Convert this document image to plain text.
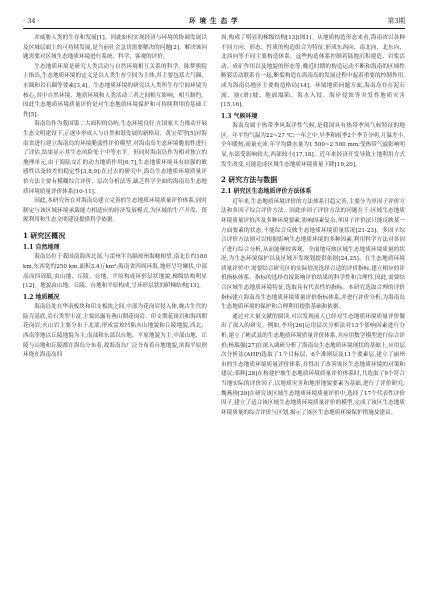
· 34 ·	环 境 生 态 学	第3期

并威胁人类的生存和发展[1]。因此如何实现经济与环境的协调发展以及区域层面上的可持续发展,是当前社会急切需要解决的问题[2]。解决该问题需要对区域生态地质环境进行系统、科学、客观的评价。

生态地质环境是研究人类活动与自然环境相互关系的科学。陈梦熊院士指出,生态地质环境的定义是以人类生存空间为主体,其主要包括大气圈、水圈和岩石圈等要素[3,4]。生态地质环境的研究以人类所生存空间环境为核心,其中自然环境、地质环境和人类活动三者之间相互影响、相互制约。因此生态地质环境质量评价是对生态地质环境保护和可持续利用的基础工作[5]。

海南岛作为我国第二大面积的岛屿,生态环境良好,在国家大力推动开展生态文明建设下,正逐步形成人与自然和谐发展的新格局。黄宝荣等[5]对海南省进行建立海南岛的环境脆弱性评价模型,对海南岛生态环境脆弱性进行了评估,结果显示其生态风险处于中等水平。但同时海南岛作为相对独立的地理单元,由于海陆交汇的动力地质作用[6,7],生态地质环境具有较强的敏感性以及较差的稳定性[3,8,9];在过去的研究中,海岛生态地质环境质量评价方法主要有模糊综合评价、层次分析法等,缺乏科学全面的海南岛生态地质环境质量评价体系[10-11]。

因此,本研究旨在对海南岛建立完善的生态地质环境质量评价体系,同时制定与该区域环境承载能力相适应的经济发展模式,为区域的生产开发、资源利用和生态文明建设提供科学依据。

1 研究区概况
1.1 自然地理

海南岛位于我国南海西北部,与雷州半岛隔琼州海峡相望,南北长约180 km,东西宽约250 km,面积3.4万km²;海南省四周环海,地形呈穹窿状,中部高而四周低,由山地、丘陵、台地、平原构成环形层状地貌,梯级结构明显[12]。地貌由山地、丘陵、台地和平原构成,呈环形层状的阶梯结构[13]。

1.2 地质概况

海南岛处在华南板块和印支板块之间,中部为花岗岩侵入体,晚古生代的陆壳基底,岩石类型丰富,主要出露有燕山期花岗岩、印支期花岗岩和海西期花岗岩;火山岩主要分布于北部,形成雷琼凹陷火山地貌和丘陵地貌,西北、西南等地以丘陵地貌为主,南部和东部以台地、平原地貌为主,中部山地、丘陵与山地和丘陵都在海岛分布着,故海南岛广泛分布着台地地貌,滨海平原则环绕在海南岛四

周,构成了明显的梯级结构[13](图1)。从地质构造形态来看,海南省以各种不同方向、形态、性质的构造组合为特征,形成东西向、南北向、北东向、北西向等不同主要构造体系。这些构造体系控制着陆地沉积建造、岩浆活动、成矿作用以及地貌的形态等,晚近时期的构造运动不断和海南的区域性断裂活动联系在一起,断裂构造在海南岛的发展过程中起着重要的控制作用,成为海南岛地区主要构造格局[14]。环境地质问题方面,海南岛存在泥石流、崩(滑)坡、地面塌陷、海水入侵、海岸侵蚀等突发性地质灾害[15,16]。

1.3 气候环境

海南岛属于热带季风海洋性气候,是我国具有热带季风气候特征的地区。年平均气温为22~27 ℃;一年之中,早季和雨季2个季节分明,月温差小,全年暖热,雨量充沛,年平均降水量为1 500~2 500 mm;受热带气旋影响明显,东部受影响较大,西部较小[17,18]。近年来经济开发导致土地利用方式发生改变,可能造成区域生态地质环境质量下降[19,20]。

2 研究方法与数据
2.1 研究区生态地质评价方法体系

近年来,生态地质环境评价的方法体系日趋完善,主要分为单因子评价方法和多因子综合评价方法。因此单因子评价方法的问题在于:区域生态地质环境质量评价涉及多种环境要素,影响因素复杂,单因子评价法只能反映某一方面要素的状态,不能综合反映生态地质环境质量状况[21-23]。多因子综合评价方法则可以根据影响生态地质环境的多种因素,利用科学方法对各因子进行综合分析,从而能够较客观、全面地反映区域生态地质环境质量的状况,为生态环境保护以及区域开发规划提供依据[24,25]。在生态地质环境质量评价中,需要结合研究区的实际情况选择合适的评价指标,建立相应的评价指标体系。指标的选择直接影响评价结果的科学性和合理性,因此,需要结合区域生态地质环境特征,选取具有代表性的指标。本研究选取合理的评价指标建立海南岛生态地质环境质量评价指标体系,并进行评价分析,为海南岛生态地质环境的保护和合理利用提供基础和依据。

通过对大量文献的阅读,可以发现前人已经对生态地质环境质量评价做出了深入的研究。例如,李玲[26]运用层次分析法对13个影响因素进行分析,建立了彬武县的生态地质环境质量评价体系,并应用数学模型进行综合评价;杨瑞强[27]在深入调研分析了海南岛生态地质环境现状的基础上,应用层次分析法(AHP)选取了1个目标层、6个准则层及11个要素层,建立了丽州市的生态地质环境质量评价体系,并得出了改善该区生态地质环境的对策和建议;邓辉[28]在构建护坡生态地质环境质量评价体系时,共选取了9个符合当地实际的评价因子,以地质灾害和地形地貌要素为基础,进行了评价研究;魏燕珍[29]在研究该区域生态地质环境质量评价中,选择了17个代表性评价因子,建立了适合该区域生态地质环境质量评价的模型,完成了该区生态地质环境质量的综合评价与区划,揭示了该区生态地质环境保护措施及建议。
